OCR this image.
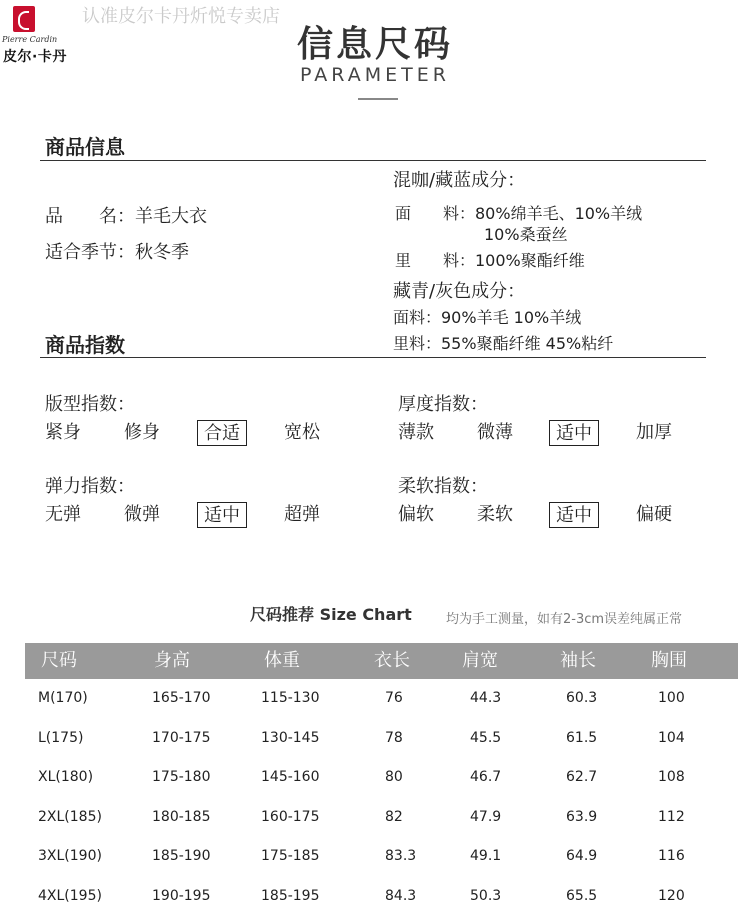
Pierre Cardin
皮尔·卡丹
认准皮尔卡丹炘悦专卖店
信息尺码
PARAMETER
商品信息
品　　名：羊毛大衣
适合季节：秋冬季
混咖/藏蓝成分：
面　　料：80%绵羊毛、10%羊绒
10%桑蚕丝
里　　料：100%聚酯纤维
藏青/灰色成分：
面料：90%羊毛 10%羊绒
里料：55%聚酯纤维 45%粘纤
商品指数
版型指数：
紧身 修身	合适	宽松
厚度指数：
薄款 微薄	适中	加厚
弹力指数：
无弹 微弹	适中	超弹
柔软指数：
偏软 柔软	适中	偏硬
尺码推荐 Size Chart	均为手工测量，如有2-3cm误差纯属正常
尺码	身高	体重	衣长	肩宽	袖长	胸围
M(170)	165-170	115-130	76	44.3	60.3	100
L(175)	170-175	130-145	78	45.5	61.5	104
XL(180)	175-180	145-160	80	46.7	62.7	108
2XL(185)	180-185	160-175	82	47.9	63.9	112
3XL(190)	185-190	175-185	83.3	49.1	64.9	116
4XL(195)	190-195	185-195	84.3	50.3	65.5	120
